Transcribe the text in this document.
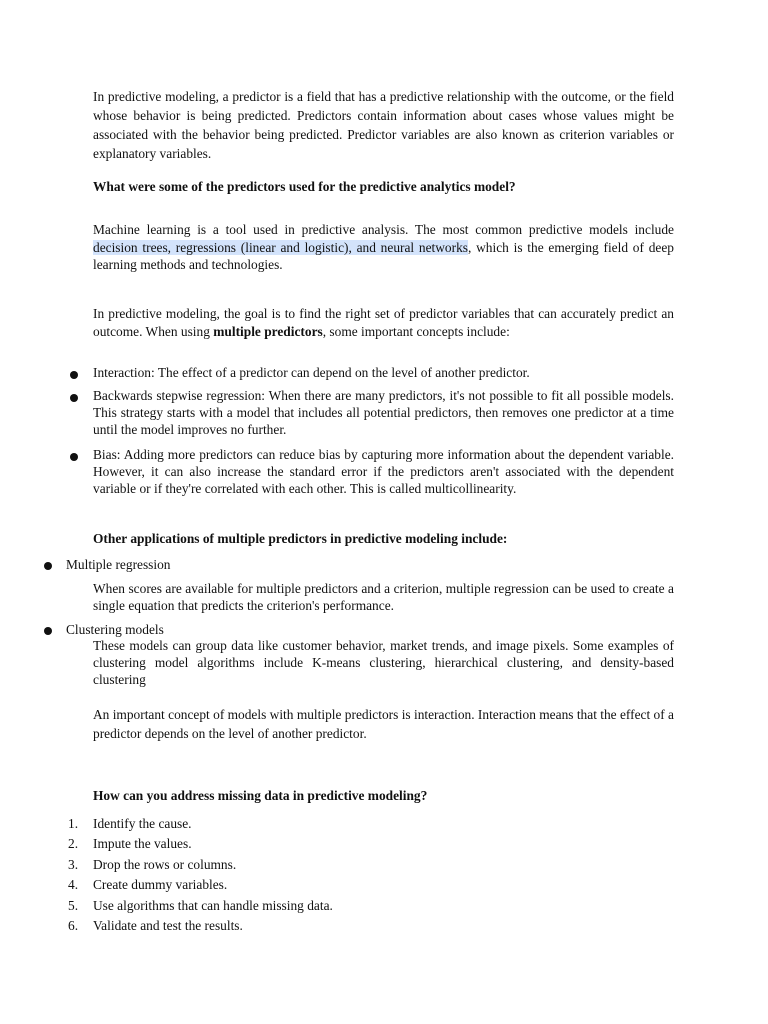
In predictive modeling, a predictor is a field that has a predictive relationship with the outcome, or the field whose behavior is being predicted. Predictors contain information about cases whose values might be associated with the behavior being predicted. Predictor variables are also known as criterion variables or explanatory variables.

What were some of the predictors used for the predictive analytics model?

Machine learning is a tool used in predictive analysis. The most common predictive models include decision trees, regressions (linear and logistic), and neural networks, which is the emerging field of deep learning methods and technologies.

In predictive modeling, the goal is to find the right set of predictor variables that can accurately predict an outcome. When using multiple predictors, some important concepts include:

Interaction: The effect of a predictor can depend on the level of another predictor.
Backwards stepwise regression: When there are many predictors, it's not possible to fit all possible models. This strategy starts with a model that includes all potential predictors, then removes one predictor at a time until the model improves no further.
Bias: Adding more predictors can reduce bias by capturing more information about the dependent variable. However, it can also increase the standard error if the predictors aren't associated with the dependent variable or if they're correlated with each other. This is called multicollinearity.

Other applications of multiple predictors in predictive modeling include:

Multiple regression

When scores are available for multiple predictors and a criterion, multiple regression can be used to create a single equation that predicts the criterion's performance.

Clustering models

These models can group data like customer behavior, market trends, and image pixels. Some examples of clustering model algorithms include K-means clustering, hierarchical clustering, and density-based clustering

An important concept of models with multiple predictors is interaction. Interaction means that the effect of a predictor depends on the level of another predictor.

How can you address missing data in predictive modeling?

1. Identify the cause.
2. Impute the values.
3. Drop the rows or columns.
4. Create dummy variables.
5. Use algorithms that can handle missing data.
6. Validate and test the results.
